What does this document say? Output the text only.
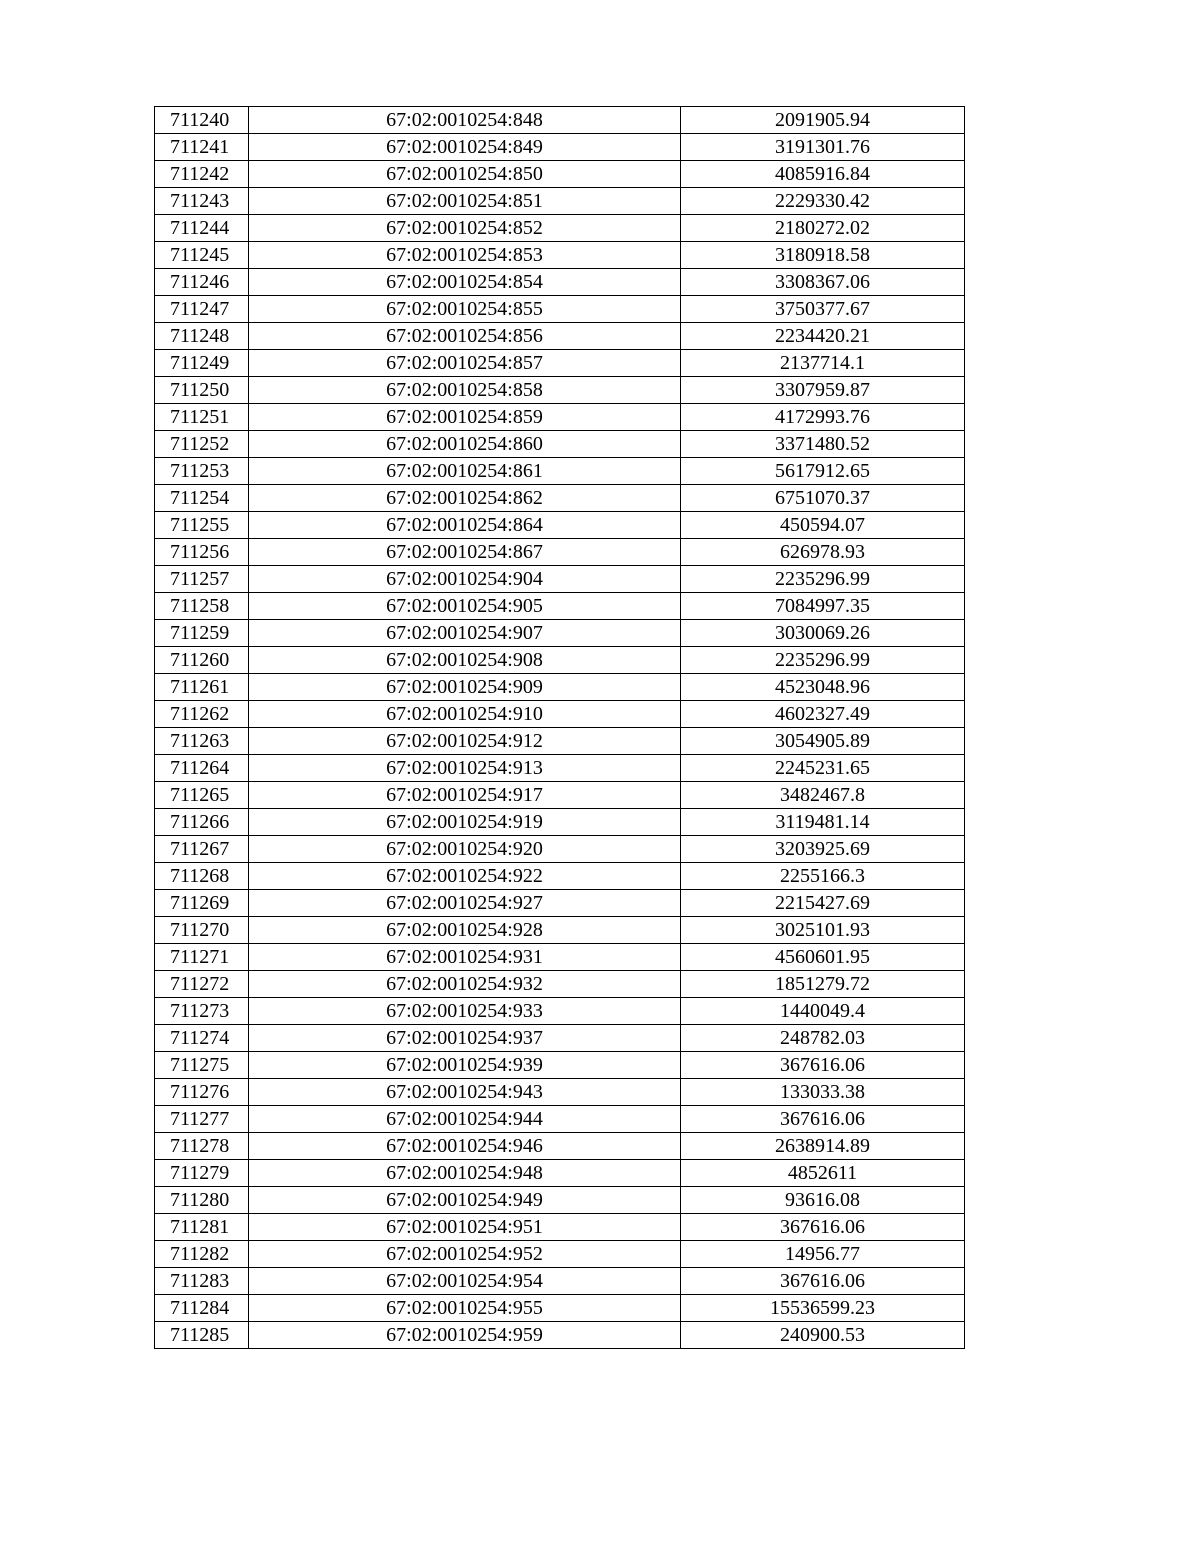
711240	67:02:0010254:848	2091905.94
711241	67:02:0010254:849	3191301.76
711242	67:02:0010254:850	4085916.84
711243	67:02:0010254:851	2229330.42
711244	67:02:0010254:852	2180272.02
711245	67:02:0010254:853	3180918.58
711246	67:02:0010254:854	3308367.06
711247	67:02:0010254:855	3750377.67
711248	67:02:0010254:856	2234420.21
711249	67:02:0010254:857	2137714.1
711250	67:02:0010254:858	3307959.87
711251	67:02:0010254:859	4172993.76
711252	67:02:0010254:860	3371480.52
711253	67:02:0010254:861	5617912.65
711254	67:02:0010254:862	6751070.37
711255	67:02:0010254:864	450594.07
711256	67:02:0010254:867	626978.93
711257	67:02:0010254:904	2235296.99
711258	67:02:0010254:905	7084997.35
711259	67:02:0010254:907	3030069.26
711260	67:02:0010254:908	2235296.99
711261	67:02:0010254:909	4523048.96
711262	67:02:0010254:910	4602327.49
711263	67:02:0010254:912	3054905.89
711264	67:02:0010254:913	2245231.65
711265	67:02:0010254:917	3482467.8
711266	67:02:0010254:919	3119481.14
711267	67:02:0010254:920	3203925.69
711268	67:02:0010254:922	2255166.3
711269	67:02:0010254:927	2215427.69
711270	67:02:0010254:928	3025101.93
711271	67:02:0010254:931	4560601.95
711272	67:02:0010254:932	1851279.72
711273	67:02:0010254:933	1440049.4
711274	67:02:0010254:937	248782.03
711275	67:02:0010254:939	367616.06
711276	67:02:0010254:943	133033.38
711277	67:02:0010254:944	367616.06
711278	67:02:0010254:946	2638914.89
711279	67:02:0010254:948	4852611
711280	67:02:0010254:949	93616.08
711281	67:02:0010254:951	367616.06
711282	67:02:0010254:952	14956.77
711283	67:02:0010254:954	367616.06
711284	67:02:0010254:955	15536599.23
711285	67:02:0010254:959	240900.53
